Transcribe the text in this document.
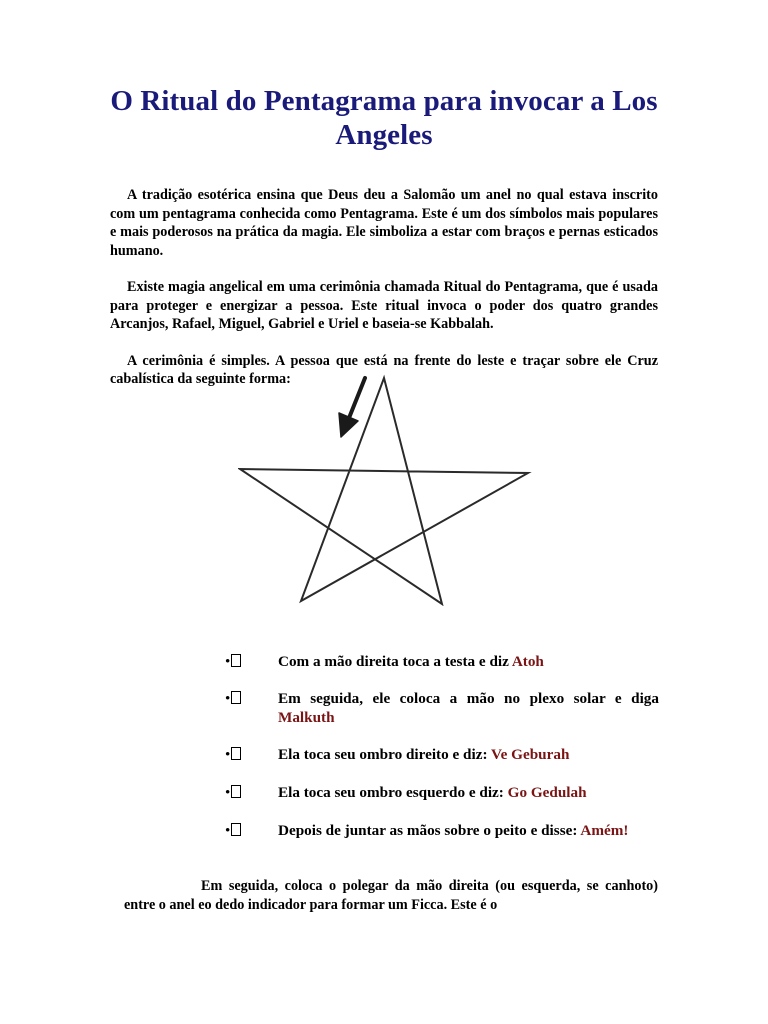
O Ritual do Pentagrama para invocar a Los Angeles

A tradição esotérica ensina que Deus deu a Salomão um anel no qual estava inscrito com um pentagrama conhecida como Pentagrama. Este é um dos símbolos mais populares e mais poderosos na prática da magia. Ele simboliza a estar com braços e pernas esticados humano.

Existe magia angelical em uma cerimônia chamada Ritual do Pentagrama, que é usada para proteger e energizar a pessoa. Este ritual invoca o poder dos quatro grandes Arcanjos, Rafael, Miguel, Gabriel e Uriel e baseia-se Kabbalah.

A cerimônia é simples. A pessoa que está na frente do leste e traçar sobre ele Cruz cabalística da seguinte forma:

•	Com a mão direita toca a testa e diz Atoh
•	Em seguida, ele coloca a mão no plexo solar e diga Malkuth
•	Ela toca seu ombro direito e diz: Ve Geburah
•	Ela toca seu ombro esquerdo e diz: Go Gedulah
•	Depois de juntar as mãos sobre o peito e disse: Amém!

Em seguida, coloca o polegar da mão direita (ou esquerda, se canhoto) entre o anel eo dedo indicador para formar um Ficca. Este é o
